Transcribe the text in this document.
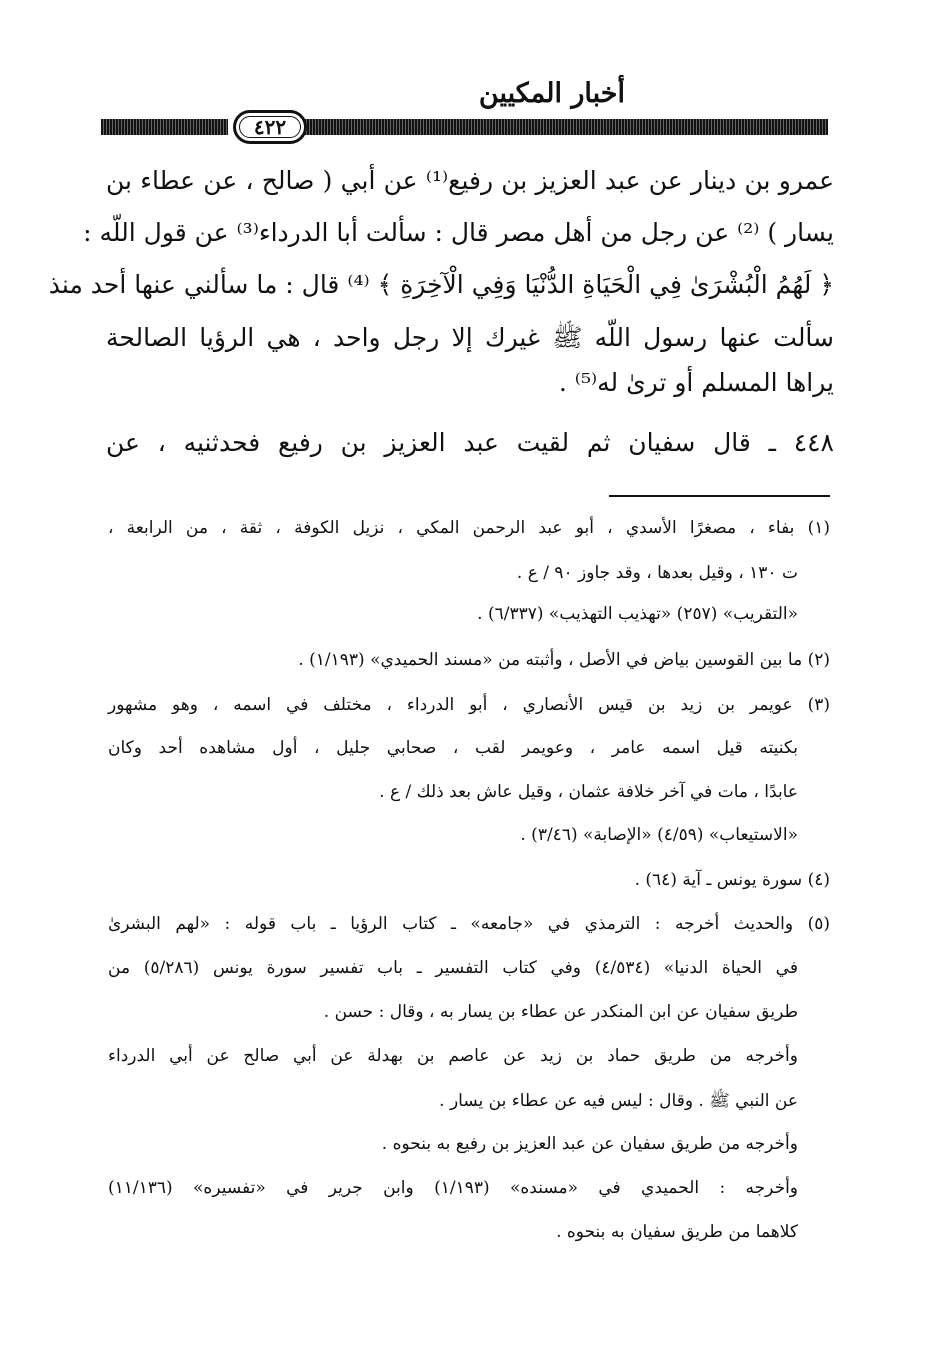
أخبار المكيين
٤٢٢
عمرو بن دينار عن عبد العزيز بن رفيع⁽¹⁾ عن أبي ( صالح ، عن عطاء بن
يسار ) ⁽²⁾ عن رجل من أهل مصر قال : سألت أبا الدرداء⁽³⁾ عن قول اللّه :
﴿ لَهُمُ الْبُشْرَىٰ فِي الْحَيَاةِ الدُّنْيَا وَفِي الْآخِرَةِ ﴾ ⁽⁴⁾ قال : ما سألني عنها أحد منذ
سألت عنها رسول اللّه ﷺ غيرك إلا رجل واحد ، هي الرؤيا الصالحة
يراها المسلم أو ترىٰ له⁽⁵⁾ .
٤٤٨ ـ قال سفيان ثم لقيت عبد العزيز بن رفيع فحدثنيه ، عن
(١) بفاء ، مصغرًا الأسدي ، أبو عبد الرحمن المكي ، نزيل الكوفة ، ثقة ، من الرابعة ،
ت ١٣٠ ، وقيل بعدها ، وقد جاوز ٩٠ / ع .
«التقريب» (٢٥٧) «تهذيب التهذيب» (٦/٣٣٧) .
(٢) ما بين القوسين بياض في الأصل ، وأثبته من «مسند الحميدي» (١/١٩٣) .
(٣) عويمر بن زيد بن قيس الأنصاري ، أبو الدرداء ، مختلف في اسمه ، وهو مشهور
بكنيته قيل اسمه عامر ، وعويمر لقب ، صحابي جليل ، أول مشاهده أحد وكان
عابدًا ، مات في آخر خلافة عثمان ، وقيل عاش بعد ذلك / ع .
«الاستيعاب» (٤/٥٩) «الإصابة» (٣/٤٦) .
(٤) سورة يونس ـ آية (٦٤) .
(٥) والحديث أخرجه : الترمذي في «جامعه» ـ كتاب الرؤيا ـ باب قوله : «لهم البشرىٰ
في الحياة الدنيا» (٤/٥٣٤) وفي كتاب التفسير ـ باب تفسير سورة يونس (٥/٢٨٦) من
طريق سفيان عن ابن المنكدر عن عطاء بن يسار به ، وقال : حسن .
وأخرجه من طريق حماد بن زيد عن عاصم بن بهدلة عن أبي صالح عن أبي الدرداء
عن النبي ﷺ . وقال : ليس فيه عن عطاء بن يسار .
وأخرجه من طريق سفيان عن عبد العزيز بن رفيع به بنحوه .
وأخرجه : الحميدي في «مسنده» (١/١٩٣) وابن جرير في «تفسيره» (١١/١٣٦)
كلاهما من طريق سفيان به بنحوه .
